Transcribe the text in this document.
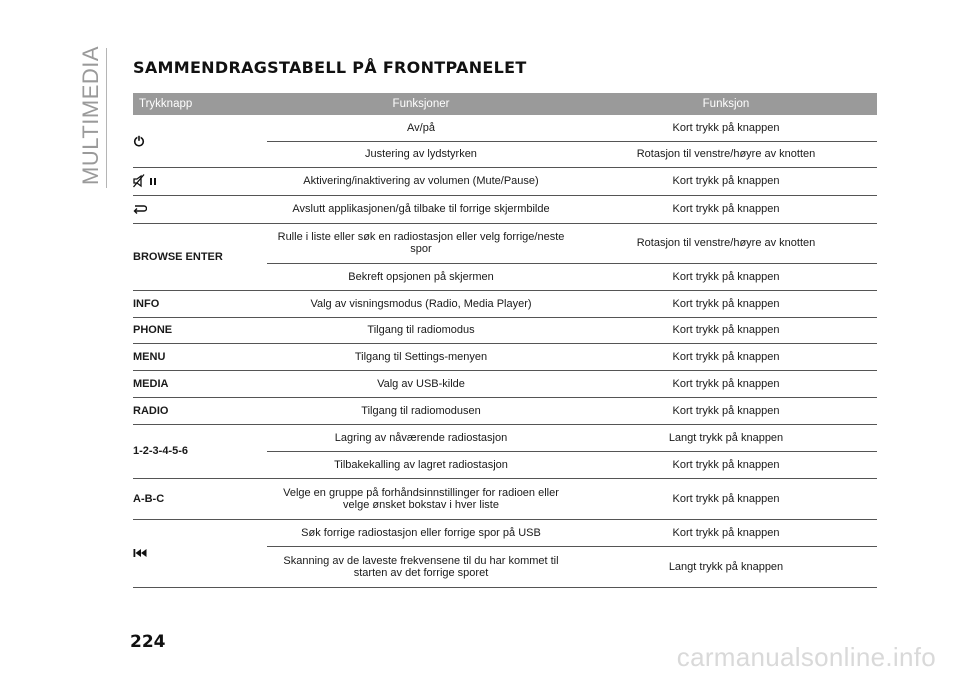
MULTIMEDIA SAMMENDRAGSTABELL PÅ FRONTPANELET
Trykknapp	Funksjoner	Funksjon
	Av/på	Kort trykk på knappen
	Justering av lydstyrken	Rotasjon til venstre/høyre av knotten
	Aktivering/inaktivering av volumen (Mute/Pause)	Kort trykk på knappen
	Avslutt applikasjonen/gå tilbake til forrige skjermbilde	Kort trykk på knappen
BROWSE ENTER	Rulle i liste eller søk en radiostasjon eller velg forrige/neste spor	Rotasjon til venstre/høyre av knotten
	Bekreft opsjonen på skjermen	Kort trykk på knappen
INFO	Valg av visningsmodus (Radio, Media Player)	Kort trykk på knappen
PHONE	Tilgang til radiomodus	Kort trykk på knappen
MENU	Tilgang til Settings-menyen	Kort trykk på knappen
MEDIA	Valg av USB-kilde	Kort trykk på knappen
RADIO	Tilgang til radiomodusen	Kort trykk på knappen
1-2-3-4-5-6	Lagring av nåværende radiostasjon	Langt trykk på knappen
	Tilbakekalling av lagret radiostasjon	Kort trykk på knappen
A-B-C	Velge en gruppe på forhåndsinnstillinger for radioen eller velge ønsket bokstav i hver liste	Kort trykk på knappen
	Søk forrige radiostasjon eller forrige spor på USB	Kort trykk på knappen
	Skanning av de laveste frekvensene til du har kommet til starten av det forrige sporet	Langt trykk på knappen
224	carmanualsonline.info
